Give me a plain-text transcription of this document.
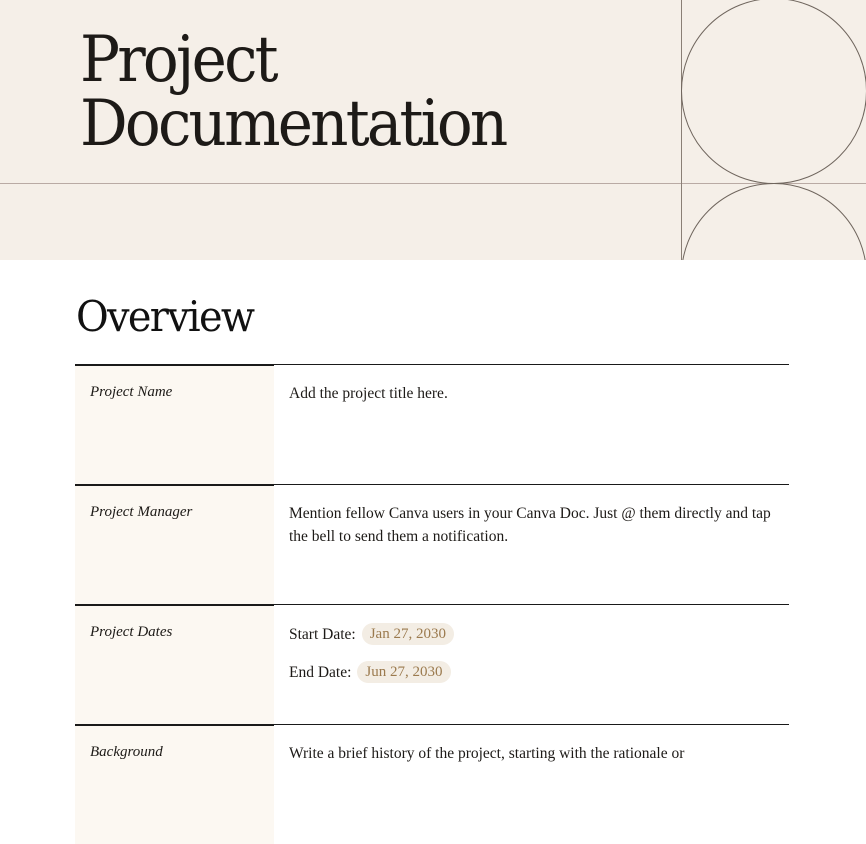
Project
Documentation
Overview
Project Name	Add the project title here.

Project Manager	Mention fellow Canva users in your Canva Doc. Just @ them directly and tap the bell to send them a notification.

Project Dates	Start Date: Jan 27, 2030
End Date: Jun 27, 2030
Background	Write a brief history of the project, starting with the rationale or
